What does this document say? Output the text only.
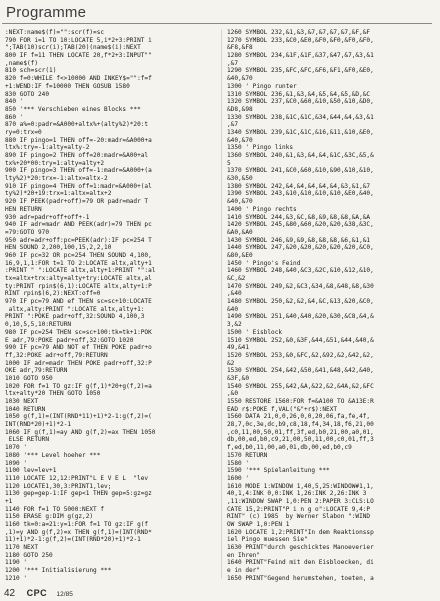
Programme
:NEXT:name$(f)="":scr(f)=sc
790 FOR i=1 TO 10:LOCATE 5,i*2+3:PRINT i
";TAB(10)scr(i);TAB(20)(name$(i):NEXT
800 IF f=11 THEN LOCATE 20,f*2+3:INPUT""
,name$(f)
810 sch=scr(1)
820 f=0:WHILE f<>10000 AND INKEY$="":f=f
+1:WEND:IF f=10000 THEN GOSUB 1580
830 GOTO 240
840 '
850 '*** Verschieben eines Blocks ***
860 '
870 a%=0:padr=&A000+altx%+(alty%2)*20:t
ry=0:trx=0
880 IF pingo=1 THEN off=-20:madr=&A000+a
ltx%:try=-1:alty=alty-2
890 IF pingo=2 THEN off=20:madr=&A00+al
tx%+20*00:try=1:alty=alty+2
900 IF pingo=3 THEN off=-1:madr=&A000+(a
lty%2)*20:trx=-1:altx=altx-2
910 IF pingo=4 THEN off=1:madr=&A000+(al
ty%2)*20+19:trx=1:altx=altx+2
920 IF PEEK(padr+off)=79 OR padr=madr T
HEN RETURN
930 adr=padr+off+off+-1
940 IF adr=madr AND PEEK(adr)=79 THEN pc
=79:GOTO 970
950 adr=adr+off:pc=PEEK(adr):IF pc=254 T
HEN SOUND 2,200,100,15,2,2,10
960 IF pc=32 OR pc=254 THEN SOUND 4,100,
16,9,1,1:FOR t=1 TO 2:LOCATE altx,alty+1
:PRINT " ":LOCATE altx,alty+1:PRINT "":al
tx=altx+trx:alty=alty+try:LOCATE altx,al
ty:PRINT rpin$(6,1):LOCATE altx,alty+1:P
RINT rpin$(6,2):NEXT:off=0
970 IF pc=79 AND ef THEN sc=sc+10:LOCATE
altx,alty:PRINT ":LOCATE altx,alty+1:
PRINT ":POKE padr+off,32:SOUND 4,100,3
0,10,5,5,10:RETURN
980 IF pc=254 THEN sc=sc+100:tk=tk+1:POK
E adr,79:POKE padr+off,32:GOTO 1020
990 IF pc=79 AND NOT ef THEN POKE padr+o
ff,32:POKE adr+off,79:RETURN
1000 IF adr=madr THEN POKE padr+off,32:P
OKE adr,79:RETURN
1010 GOTO 950
1020 FOR f=1 TO gz:IF g(f,1)*20+g(f,2)=a
ltx+alty*20 THEN GOTO 1050
1030 NEXT
1040 RETURN
1050 g(f,1)=(INT(RND*11)+1)*2-1:g(f,2)=(
INT(RND*20)+1)*2-1
1060 IF g(f,1)=ay AND g(f,2)=ax THEN 1050
ELSE RETURN
1070 '
1080 '*** Level hoeher ***
1090 '
1100 lev=lev+1
1110 LOCATE 12,12:PRINT"L E V E L  "lev
1120 LOCATE1,30,3:PRINT1,lev;
1130 gep=gep-1:IF gep<1 THEN gep=5:gz=gz
+1
1140 FOR f=1 TO 5000:NEXT f
1150 ERASE g:DIM g(gz,2)
1160 tk=0:a=21:y=1:FOR f=1 TO gz:IF g(f
,1)=y AND g(f,2)=x THEN g(f,1)=(INT(RND*
11)+1)*2-1:g(f,2)=(INT(RND*20)+1)*2-1
1170 NEXT
1180 GOTO 250
1190 '
1200 '*** Initialisierung ***
1210 '
1260 SYMBOL 232,&1,&3,&7,&7,&7,&7,&F,&F
1270 SYMBOL 233,&C0,&E0,&F0,&F0,&F0,&F0,
&F8,&F8
1280 SYMBOL 234,&1F,&1F,&37,&47,&7,&3,&1
,&7
1290 SYMBOL 235,&FC,&FC,&F6,&F1,&F0,&E0,
&40,&70
1300 ' Pingo runter
1310 SYMBOL 236,&1,&3,&4,&5,&4,&5,&D,&C
1320 SYMBOL 237,&C0,&60,&10,&50,&10,&D0,
&D8,&98
1330 SYMBOL 238,&1C,&1C,&34,&44,&4,&3,&1
,&7
1340 SYMBOL 239,&1C,&1C,&16,&11,&10,&E0,
&40,&70
1350 ' Pingo links
1360 SYMBOL 240,&1,&3,&4,&4,&1C,&3C,&5,&
5
1370 SYMBOL 241,&C0,&60,&10,&90,&10,&10,
&30,&50
1380 SYMBOL 242,&4,&4,&4,&4,&4,&3,&1,&7
1390 SYMBOL 243,&10,&10,&10,&10,&E0,&40,
&40,&70
1400 ' Pingo rechts
1410 SYMBOL 244,&3,&C,&8,&9,&8,&8,&A,&A
1420 SYMBOL 245,&80,&60,&20,&20,&38,&3C,
&A0,&A0
1430 SYMBOL 246,&9,&9,&8,&8,&8,&6,&1,&1
1440 SYMBOL 247,&20,&20,&20,&20,&20,&C0,
&80,&E0
1450 ' Pingo's Feind
1460 SYMBOL 248,&40,&C3,&2C,&10,&12,&10,
&C,&2
1470 SYMBOL 249,&2,&C3,&34,&8,&48,&8,&30
,&40
1480 SYMBOL 250,&2,&2,&4,&C,&13,&20,&C0,
&40
1490 SYMBOL 251,&40,&40,&20,&30,&C8,&4,&
3,&2
1500 ' Eisblock
1510 SYMBOL 252,&0,&3F,&44,&51,&44,&40,&
49,&41
1520 SYMBOL 253,&0,&FC,&2,&92,&2,&42,&2,
&2
1530 SYMBOL 254,&42,&50,&41,&48,&42,&40,
&3F,&0
1540 SYMBOL 255,&42,&A,&22,&2,&4A,&2,&FC
,&0
1550 RESTORE 1560:FOR f=&A100 TO &A13E:R
EAD r$:POKE f,VAL("&"+r$):NEXT
1560 DATA 21,0,0,26,0,0,20,06,fa,fe,4f,
28,7,0c,3e,dc,b9,c8,18,f4,34,18,f6,21,00
,c0,11,00,50,01,ff,3f,ed,b0,21,00,a0,01,
db,00,ed,b0,c9,21,00,50,11,00,c0,01,ff,3
f,ed,b0,11,00,a0,01,db,00,ed,b0,c9
1570 RETURN
1580 '
1590 '*** Spielanleitung ***
1600 '
1610 MODE 1:WINDOW 1,40,5,25:WINDOW#1,1,
40,1,4:INK 0,0:INK 1,26:INK 2,26:INK 3
,11:WINDOW SWAP 1,0:PEN 2:PAPER 3:CLS:LO
CATE 15,2:PRINT"P i n g o":LOCATE 9,4:P
RINT" (c) 1985  by Werner Slabon ":WIND
OW SWAP 1,0:PEN 1
1620 LOCATE 1,2:PRINT"In dem Reaktionssp
iel Pingo muessen Sie"
1630 PRINT"durch geschicktes Manoeverier
en Ihren"
1640 PRINT"Feind mit den Eisbloecken, di
e in der"
1650 PRINT"Gegend herumstehen, toeten, a
42 CPC 12/85
